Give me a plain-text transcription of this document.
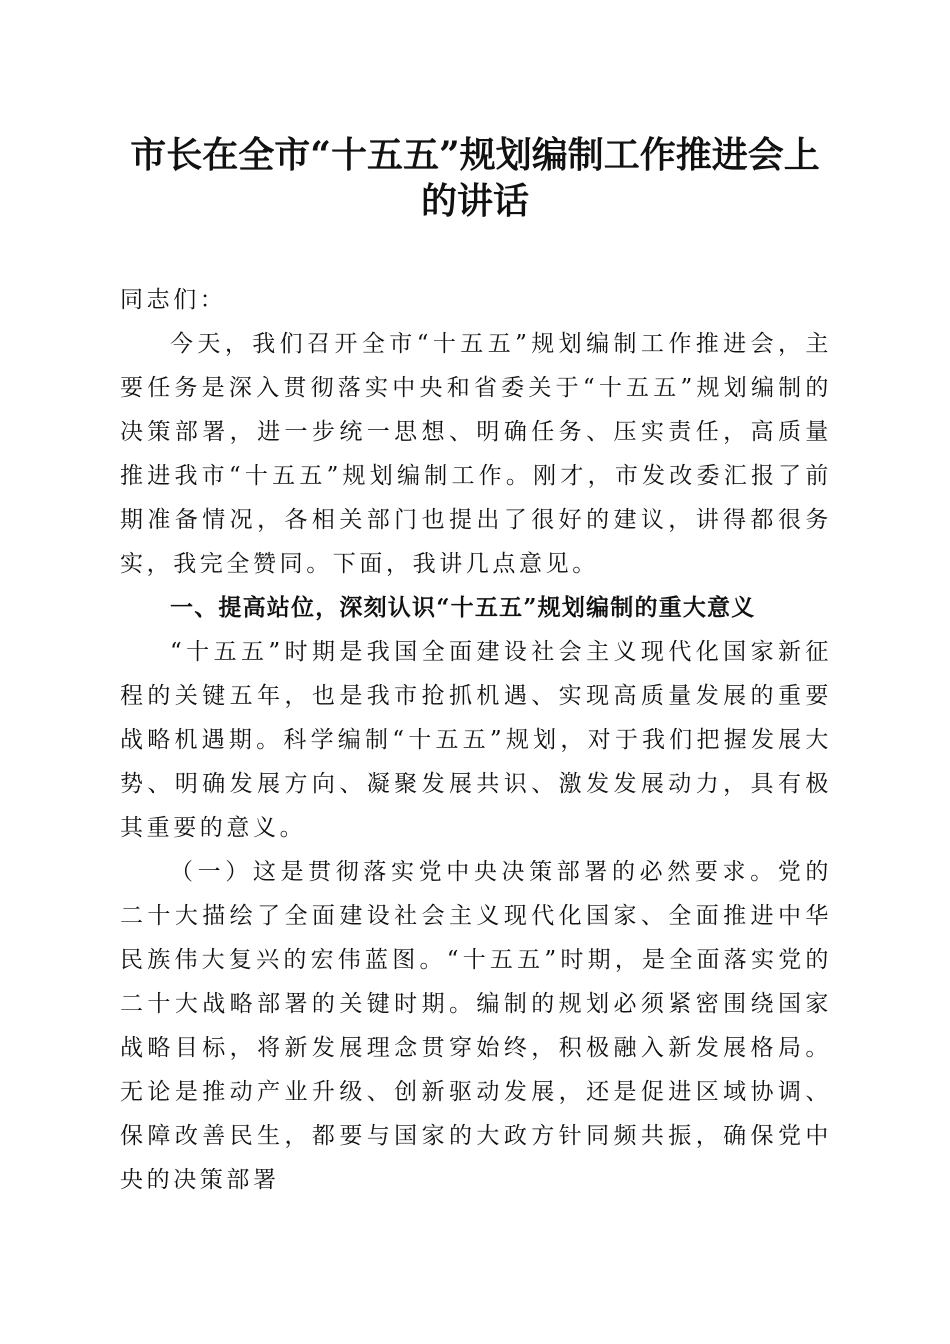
市长在全市“十五五”规划编制工作推进会上
的讲话

同志们：

今天，我们召开全市“十五五”规划编制工作推进会，主要任务是深入贯彻落实中央和省委关于“十五五”规划编制的决策部署，进一步统一思想、明确任务、压实责任，高质量推进我市“十五五”规划编制工作。刚才，市发改委汇报了前期准备情况，各相关部门也提出了很好的建议，讲得都很务实，我完全赞同。下面，我讲几点意见。

一、提高站位，深刻认识“十五五”规划编制的重大意义

“十五五”时期是我国全面建设社会主义现代化国家新征程的关键五年，也是我市抢抓机遇、实现高质量发展的重要战略机遇期。科学编制“十五五”规划，对于我们把握发展大势、明确发展方向、凝聚发展共识、激发发展动力，具有极其重要的意义。

（一）这是贯彻落实党中央决策部署的必然要求。党的二十大描绘了全面建设社会主义现代化国家、全面推进中华民族伟大复兴的宏伟蓝图。“十五五”时期，是全面落实党的二十大战略部署的关键时期。编制的规划必须紧密围绕国家战略目标，将新发展理念贯穿始终，积极融入新发展格局。无论是推动产业升级、创新驱动发展，还是促进区域协调、保障改善民生，都要与国家的大政方针同频共振，确保党中央的决策部署
